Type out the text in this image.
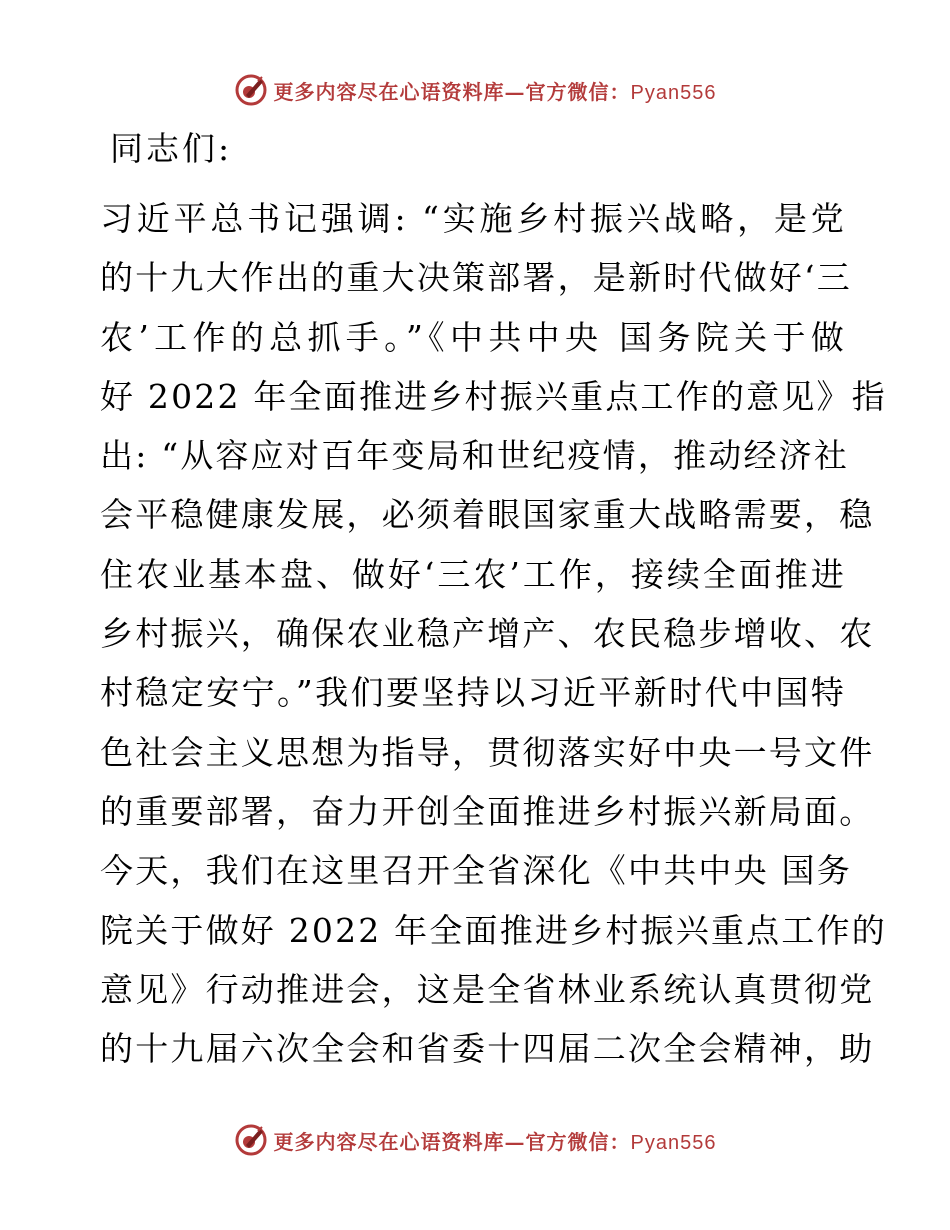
更多内容尽在心语资料库—官方微信：Pyan556
同志们:
习近平总书记强调: “实施乡村振兴战略，是党
的十九大作出的重大决策部署，是新时代做好‘三
农’工作的总抓手。”《中共中央 国务院关于做
好 2022 年全面推进乡村振兴重点工作的意见》指
出: “从容应对百年变局和世纪疫情，推动经济社
会平稳健康发展，必须着眼国家重大战略需要，稳
住农业基本盘、做好‘三农’工作，接续全面推进
乡村振兴，确保农业稳产增产、农民稳步增收、农
村稳定安宁。”我们要坚持以习近平新时代中国特
色社会主义思想为指导，贯彻落实好中央一号文件
的重要部署，奋力开创全面推进乡村振兴新局面。
今天，我们在这里召开全省深化《中共中央 国务
院关于做好 2022 年全面推进乡村振兴重点工作的
意见》行动推进会，这是全省林业系统认真贯彻党
的十九届六次全会和省委十四届二次全会精神，助
更多内容尽在心语资料库—官方微信：Pyan556
